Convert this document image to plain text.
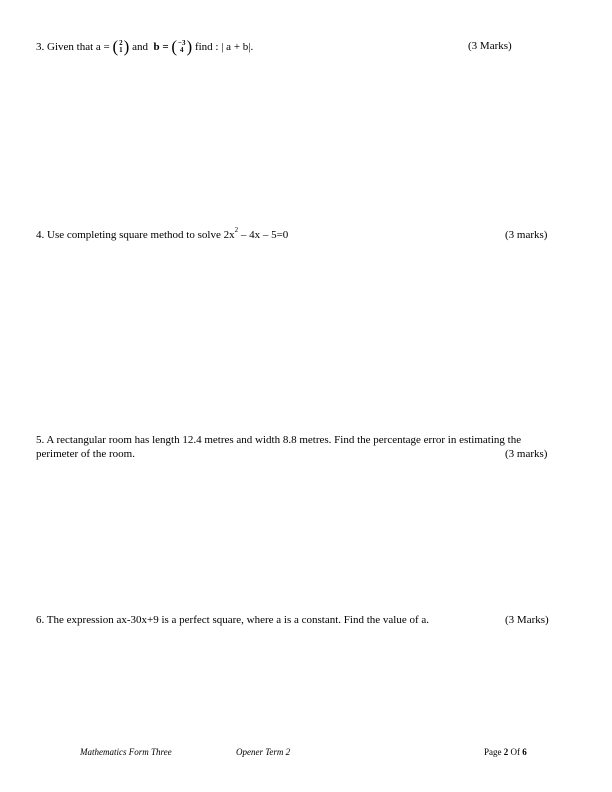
3. Given that a = ( 2
1 ) and b = ( −3
4 ) find : | a + b|.	(3 Marks)
4. Use completing square method to solve $2x^2 - 4x - 5=0$	(3 marks)
5. A rectangular room has length 12.4 metres and width 8.8 metres. Find the percentage error in estimating the
perimeter of the room.	(3 marks)
6. The expression ax-30x+9 is a perfect square, where a is a constant. Find the value of a.	(3 Marks)
Mathematics Form Three	Opener Term 2	Page 2 Of 6
